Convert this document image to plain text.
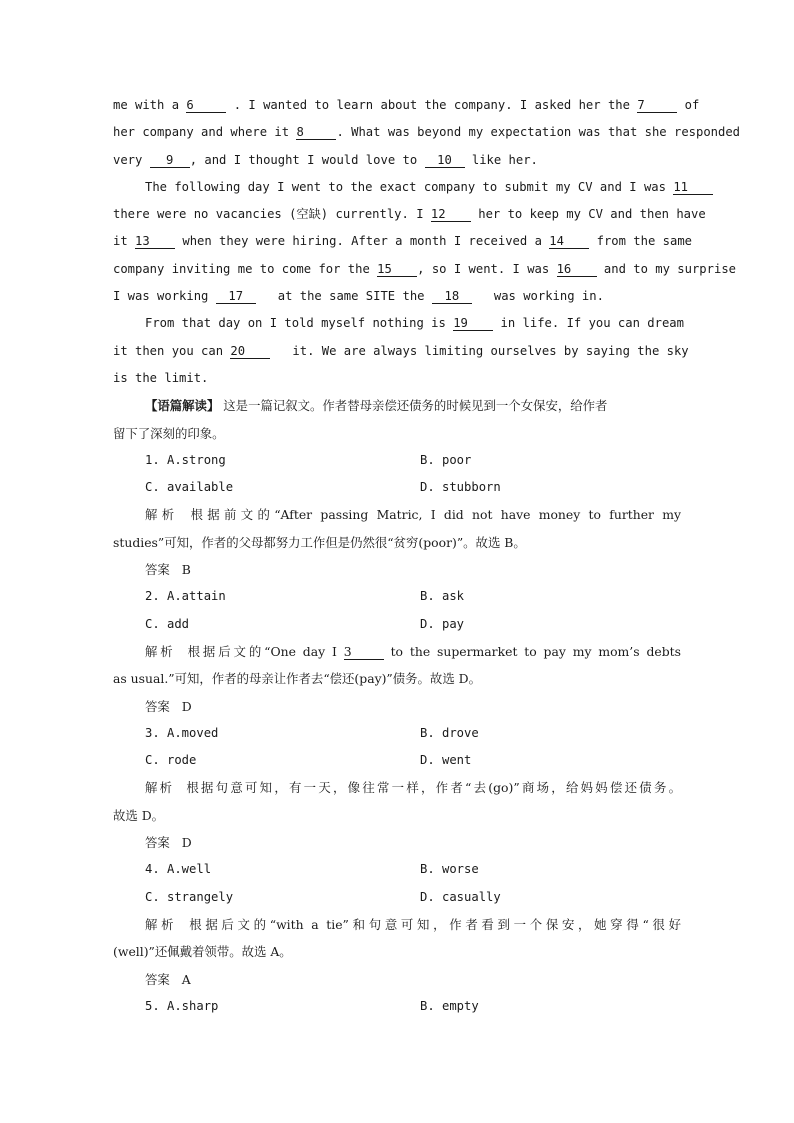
me with a 6	. I wanted to learn about the company. I asked her the 7	of
her company and where it 8	. What was beyond my expectation was that she responded
very 9 , and I thought I would love to 10 like her.
The following day I went to the exact company to submit my CV and I was 11
there were no vacancies (空缺) currently. I 12	her to keep my CV and then have
it 13	when they were hiring. After a month I received a 14	from the same
company inviting me to come for the 15 , so I went. I was 16	and to my surprise
I was working 17	at the same SITE the 18	was working in.
From that day on I told myself nothing is 19	in life. If you can dream
it then you can 20	it. We are always limiting ourselves by saying the sky
is the limit.
【语篇解读】 这是一篇记叙文。作者替母亲偿还债务的时候见到一个女保安，给作者
留下了深刻的印象。
1. A.strong	B. poor
C. available	D. stubborn
解析 根据前文的“After passing Matric, I did not have money to further my
studies”可知，作者的父母都努力工作但是仍然很“贫穷(poor)”。故选 B。
答案 B
2. A.attain	B. ask
C. add	D. pay
解析 根据后文的“One day I 3	to the supermarket to pay my mom’s debts
as usual.”可知，作者的母亲让作者去“偿还(pay)”债务。故选 D。
答案 D
3. A.moved	B. drove
C. rode	D. went
解析 根据句意可知，有一天，像往常一样，作者“去(go)”商场，给妈妈偿还债务。
故选 D。
答案 D
4. A.well	B. worse
C. strangely	D. casually
解析 根据后文的“with a tie”和句意可知，作者看到一个保安，她穿得“很好
(well)”还佩戴着领带。故选 A。
答案 A
5. A.sharp	B. empty
